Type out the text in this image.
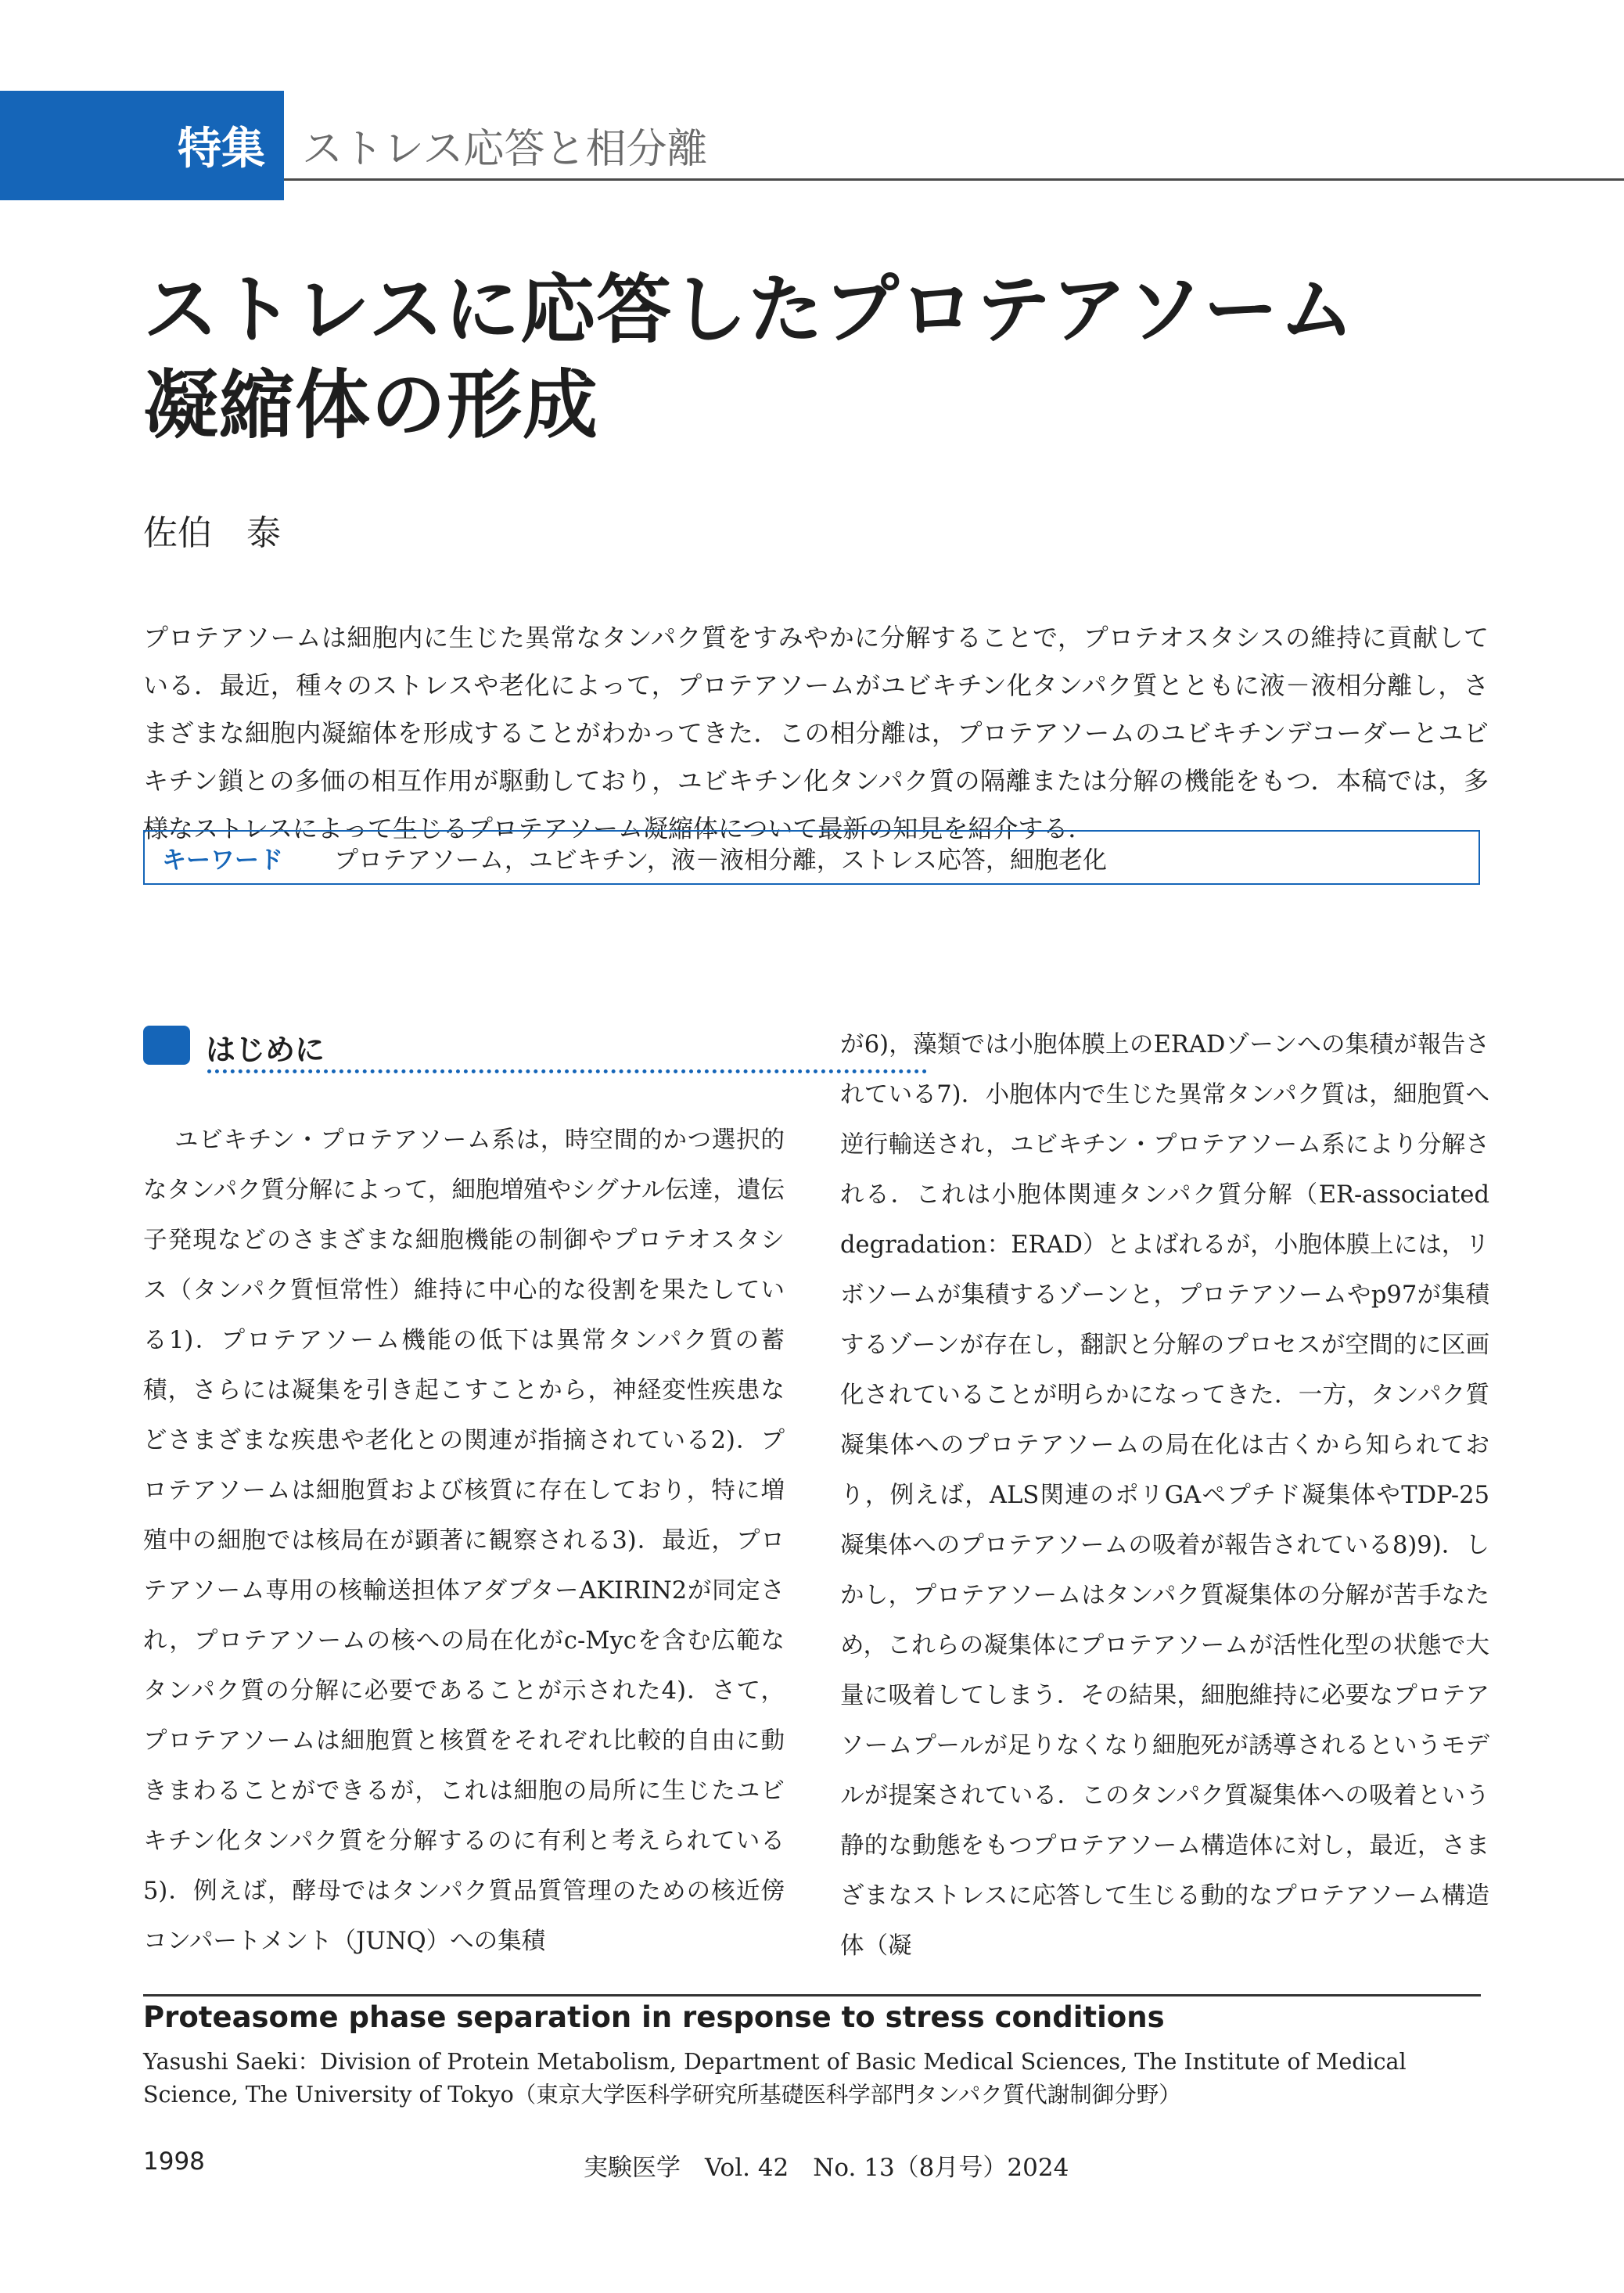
特集 ストレス応答と相分離
ストレスに応答したプロテアソーム
凝縮体の形成
佐伯　泰

プロテアソームは細胞内に生じた異常なタンパク質をすみやかに分解することで，プロテオスタシスの維持に貢献している．最近，種々のストレスや老化によって，プロテアソームがユビキチン化タンパク質とともに液－液相分離し，さまざまな細胞内凝縮体を形成することがわかってきた．この相分離は，プロテアソームのユビキチンデコーダーとユビキチン鎖との多価の相互作用が駆動しており，ユビキチン化タンパク質の隔離または分解の機能をもつ．本稿では，多様なストレスによって生じるプロテアソーム凝縮体について最新の知見を紹介する．

キーワード	プロテアソーム，ユビキチン，液－液相分離，ストレス応答，細胞老化
はじめに

ユビキチン・プロテアソーム系は，時空間的かつ選択的なタンパク質分解によって，細胞増殖やシグナル伝達，遺伝子発現などのさまざまな細胞機能の制御やプロテオスタシス（タンパク質恒常性）維持に中心的な役割を果たしている1)．プロテアソーム機能の低下は異常タンパク質の蓄積，さらには凝集を引き起こすことから，神経変性疾患などさまざまな疾患や老化との関連が指摘されている2)．プロテアソームは細胞質および核質に存在しており，特に増殖中の細胞では核局在が顕著に観察される3)．最近，プロテアソーム専用の核輸送担体アダプターAKIRIN2が同定され，プロテアソームの核への局在化がc-Mycを含む広範なタンパク質の分解に必要であることが示された4)．さて，プロテアソームは細胞質と核質をそれぞれ比較的自由に動きまわることができるが，これは細胞の局所に生じたユビキチン化タンパク質を分解するのに有利と考えられている5)．例えば，酵母ではタンパク質品質管理のための核近傍コンパートメント（JUNQ）への集積

が6)，藻類では小胞体膜上のERADゾーンへの集積が報告されている7)．小胞体内で生じた異常タンパク質は，細胞質へ逆行輸送され，ユビキチン・プロテアソーム系により分解される．これは小胞体関連タンパク質分解（ER-associated degradation：ERAD）とよばれるが，小胞体膜上には，リボソームが集積するゾーンと，プロテアソームやp97が集積するゾーンが存在し，翻訳と分解のプロセスが空間的に区画化されていることが明らかになってきた．一方，タンパク質凝集体へのプロテアソームの局在化は古くから知られており，例えば，ALS関連のポリGAペプチド凝集体やTDP-25凝集体へのプロテアソームの吸着が報告されている8)9)．しかし，プロテアソームはタンパク質凝集体の分解が苦手なため，これらの凝集体にプロテアソームが活性化型の状態で大量に吸着してしまう．その結果，細胞維持に必要なプロテアソームプールが足りなくなり細胞死が誘導されるというモデルが提案されている．このタンパク質凝集体への吸着という静的な動態をもつプロテアソーム構造体に対し，最近，さまざまなストレスに応答して生じる動的なプロテアソーム構造体（凝

Proteasome phase separation in response to stress conditions

Yasushi Saeki：Division of Protein Metabolism, Department of Basic Medical Sciences, The Institute of Medical Science, The University of Tokyo（東京大学医科学研究所基礎医科学部門タンパク質代謝制御分野）

1998	実験医学　Vol. 42　No. 13（8月号）2024
